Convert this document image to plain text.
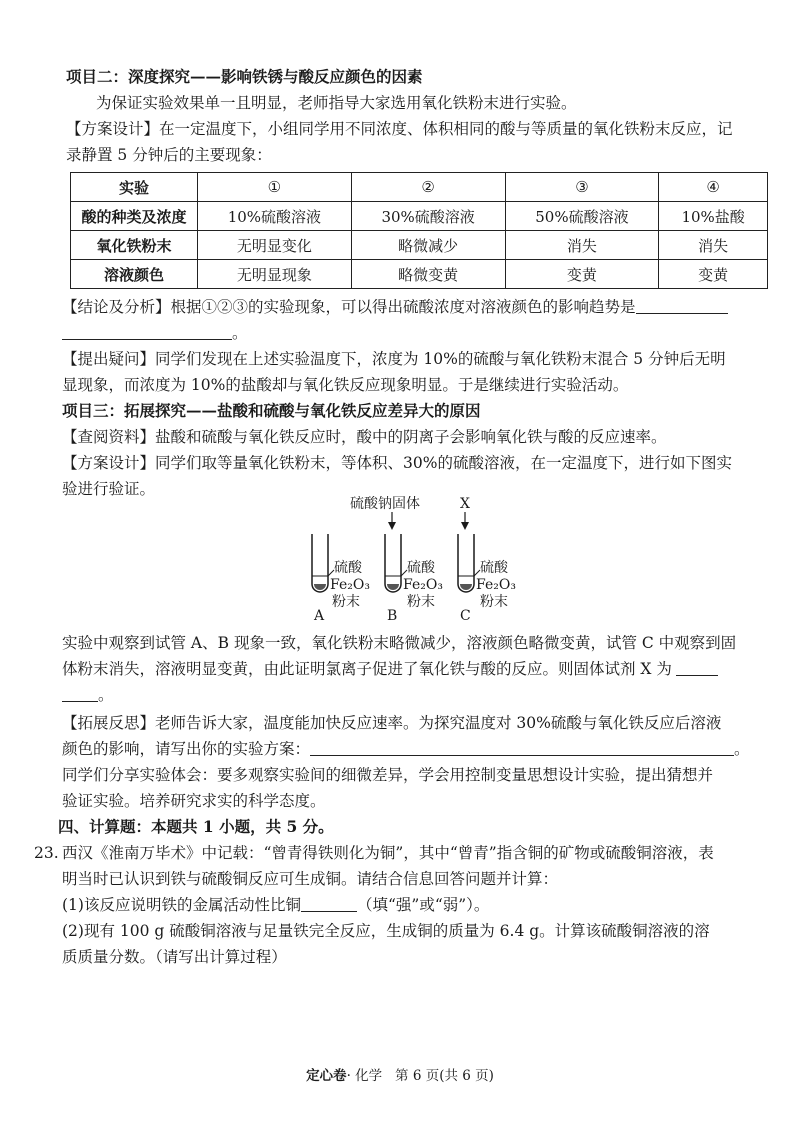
项目二：深度探究——影响铁锈与酸反应颜色的因素
为保证实验效果单一且明显，老师指导大家选用氧化铁粉末进行实验。
【方案设计】在一定温度下，小组同学用不同浓度、体积相同的酸与等质量的氧化铁粉末反应，记
录静置 5 分钟后的主要现象：
实验	①	②	③	④
酸的种类及浓度	10%硫酸溶液	30%硫酸溶液	50%硫酸溶液	10%盐酸
氧化铁粉末	无明显变化	略微减少	消失	消失
溶液颜色	无明显现象	略微变黄	变黄	变黄
【结论及分析】根据①②③的实验现象，可以得出硫酸浓度对溶液颜色的影响趋势是
。
【提出疑问】同学们发现在上述实验温度下，浓度为 10%的硫酸与氧化铁粉末混合 5 分钟后无明
显现象，而浓度为 10%的盐酸却与氧化铁反应现象明显。于是继续进行实验活动。
项目三：拓展探究——盐酸和硫酸与氧化铁反应差异大的原因
【查阅资料】盐酸和硫酸与氧化铁反应时，酸中的阴离子会影响氧化铁与酸的反应速率。
【方案设计】同学们取等量氧化铁粉末，等体积、30%的硫酸溶液，在一定温度下，进行如下图实
验进行验证。
硫酸钠固体	X
硫酸
Fe₂O₃
粉末
硫酸
Fe₂O₃
粉末
硫酸
Fe₂O₃
粉末
A	B	C
实验中观察到试管 A、B 现象一致，氧化铁粉末略微减少，溶液颜色略微变黄，试管 C 中观察到固
体粉末消失，溶液明显变黄，由此证明氯离子促进了氧化铁与酸的反应。则固体试剂 X 为
。
【拓展反思】老师告诉大家，温度能加快反应速率。为探究温度对 30%硫酸与氧化铁反应后溶液
颜色的影响，请写出你的实验方案：	。
同学们分享实验体会：要多观察实验间的细微差异，学会用控制变量思想设计实验，提出猜想并
验证实验。培养研究求实的科学态度。
四、计算题：本题共 1 小题，共 5 分。
23. 西汉《淮南万毕术》中记载：“曾青得铁则化为铜”，其中“曾青”指含铜的矿物或硫酸铜溶液，表
明当时已认识到铁与硫酸铜反应可生成铜。请结合信息回答问题并计算：
(1)该反应说明铁的金属活动性比铜	（填“强”或“弱”）。
(2)现有 100 g 硫酸铜溶液与足量铁完全反应，生成铜的质量为 6.4 g。计算该硫酸铜溶液的溶
质质量分数。（请写出计算过程）
定心卷· 化学 第 6 页(共 6 页)
